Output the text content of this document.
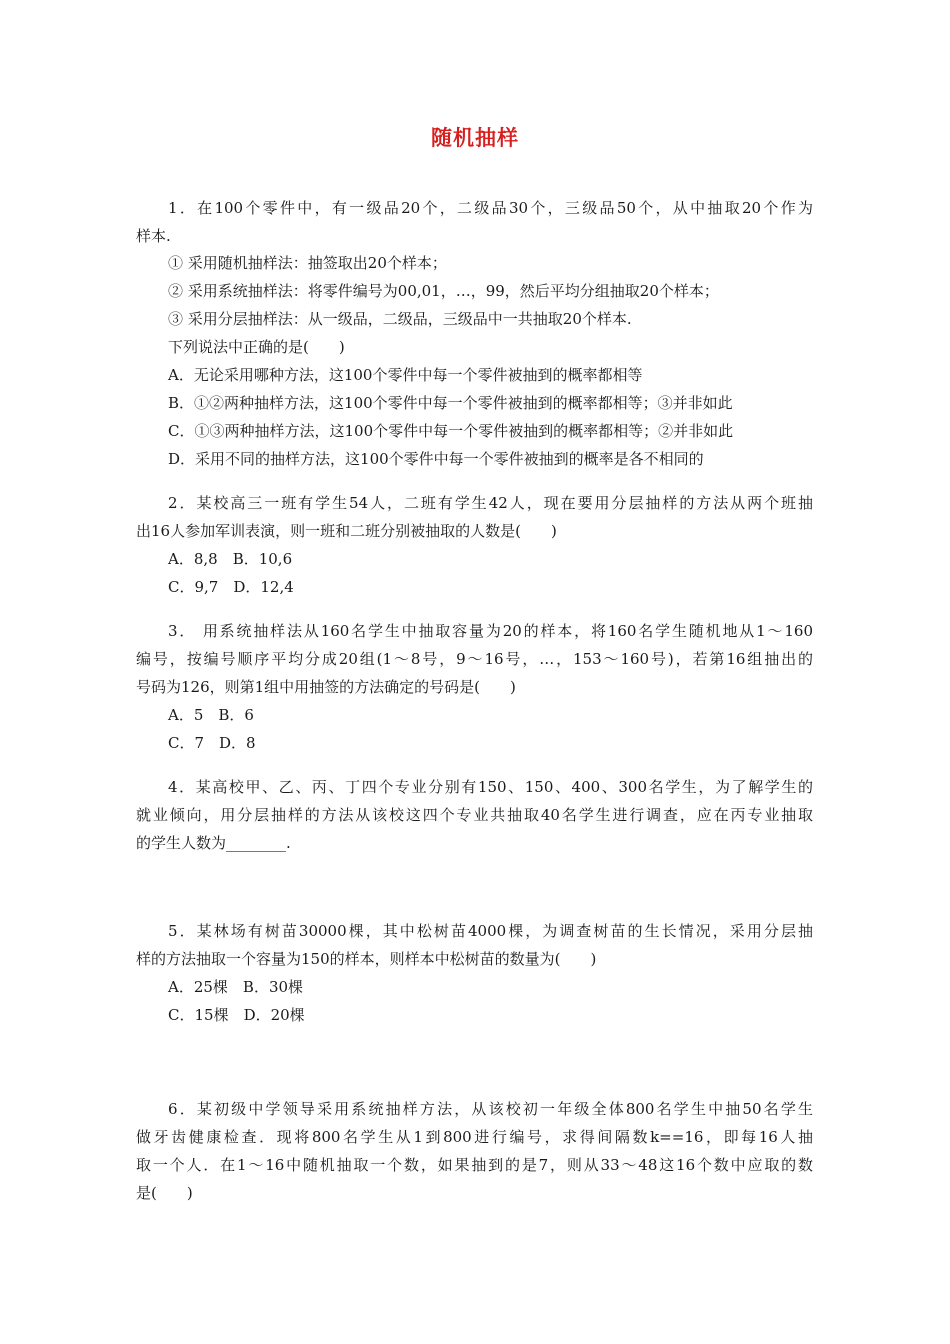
随机抽样
1．在100个零件中，有一级品20个，二级品30个，三级品50个，从中抽取20个作为
样本.
① 采用随机抽样法：抽签取出20个样本；
② 采用系统抽样法：将零件编号为00,01，…，99，然后平均分组抽取20个样本；
③ 采用分层抽样法：从一级品，二级品，三级品中一共抽取20个样本.
下列说法中正确的是(　　)
A．无论采用哪种方法，这100个零件中每一个零件被抽到的概率都相等
B．①②两种抽样方法，这100个零件中每一个零件被抽到的概率都相等；③并非如此
C．①③两种抽样方法，这100个零件中每一个零件被抽到的概率都相等；②并非如此
D．采用不同的抽样方法，这100个零件中每一个零件被抽到的概率是各不相同的
2．某校高三一班有学生54人，二班有学生42人，现在要用分层抽样的方法从两个班抽
出16人参加军训表演，则一班和二班分别被抽取的人数是(　　)
A．8,8　B．10,6
C．9,7　D．12,4
3． 用系统抽样法从160名学生中抽取容量为20的样本，将160名学生随机地从1～160
编号，按编号顺序平均分成20组(1～8号，9～16号，…，153～160号)，若第16组抽出的
号码为126，则第1组中用抽签的方法确定的号码是(　　)
A．5　B．6
C．7　D．8
4．某高校甲、乙、丙、丁四个专业分别有150、150、400、300名学生，为了解学生的
就业倾向，用分层抽样的方法从该校这四个专业共抽取40名学生进行调查，应在丙专业抽取
的学生人数为________.
5．某林场有树苗30000棵，其中松树苗4000棵，为调查树苗的生长情况，采用分层抽
样的方法抽取一个容量为150的样本，则样本中松树苗的数量为(　　)
A．25棵　B．30棵
C．15棵　D．20棵
6．某初级中学领导采用系统抽样方法，从该校初一年级全体800名学生中抽50名学生
做牙齿健康检查．现将800名学生从1到800进行编号，求得间隔数k==16，即每16人抽
取一个人．在1～16中随机抽取一个数，如果抽到的是7，则从33～48这16个数中应取的数
是(　　)
